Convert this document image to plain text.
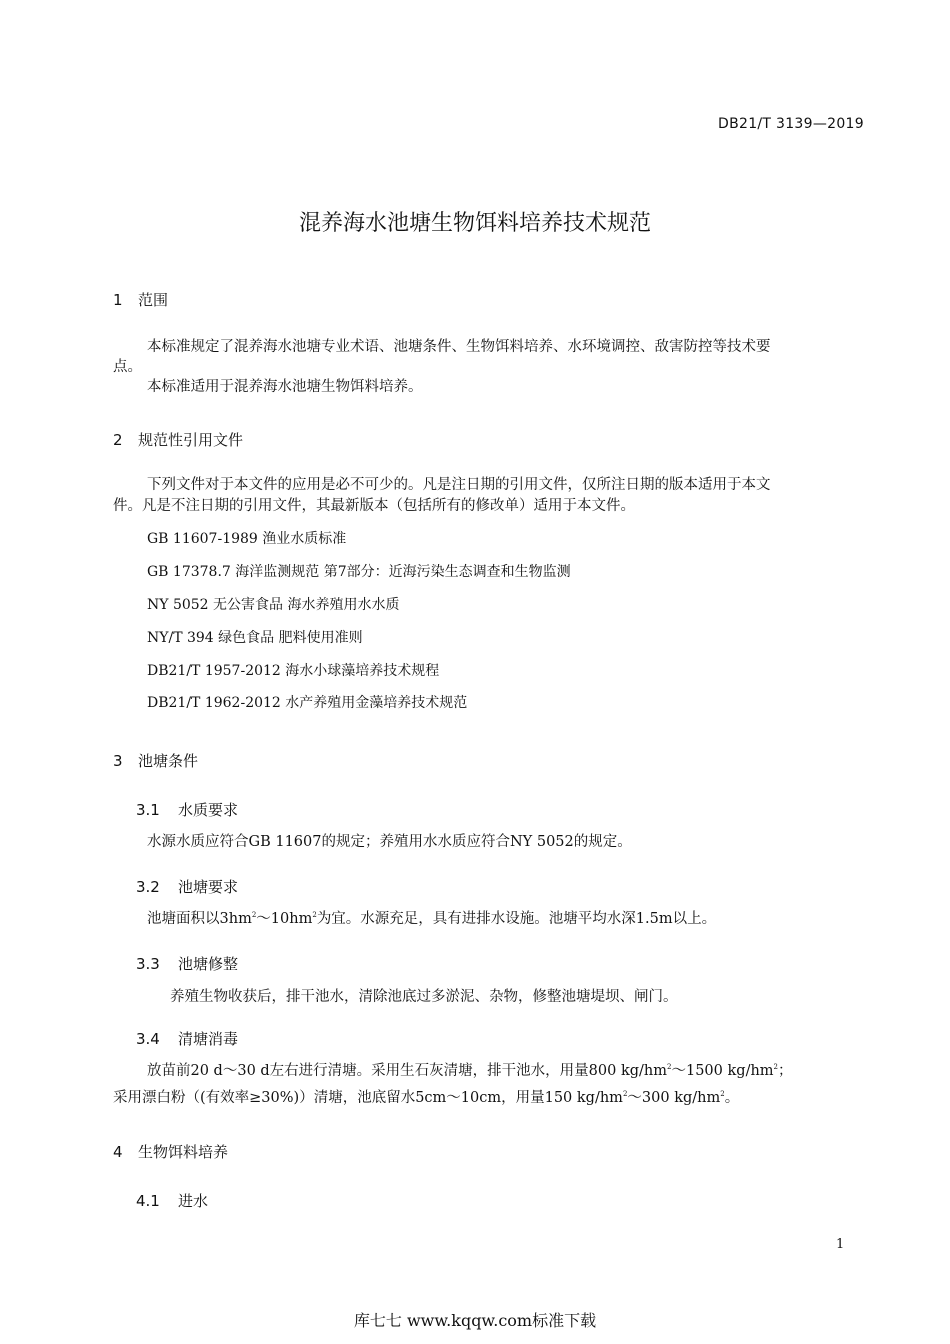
DB21/T 3139—2019
混养海水池塘生物饵料培养技术规范
1 范围
本标准规定了混养海水池塘专业术语、池塘条件、生物饵料培养、水环境调控、敌害防控等技术要
点。
本标准适用于混养海水池塘生物饵料培养。
2 规范性引用文件
下列文件对于本文件的应用是必不可少的。凡是注日期的引用文件，仅所注日期的版本适用于本文
件。凡是不注日期的引用文件，其最新版本（包括所有的修改单）适用于本文件。
GB 11607-1989 渔业水质标准
GB 17378.7 海洋监测规范 第7部分：近海污染生态调查和生物监测
NY 5052 无公害食品 海水养殖用水水质
NY/T 394 绿色食品 肥料使用准则
DB21/T 1957-2012 海水小球藻培养技术规程
DB21/T 1962-2012 水产养殖用金藻培养技术规范
3 池塘条件
3.1 水质要求
水源水质应符合GB 11607的规定；养殖用水水质应符合NY 5052的规定。
3.2 池塘要求
池塘面积以$3hm^2\sim 10hm^2$为宜。水源充足，具有进排水设施。池塘平均水深1.5m以上。
3.3 池塘修整
养殖生物收获后，排干池水，清除池底过多淤泥、杂物，修整池塘堤坝、闸门。
3.4 清塘消毒
放苗前20 d～30 d左右进行清塘。采用生石灰清塘，排干池水，用量800 $kg/hm^2\sim 1500$ $kg/hm^2$；
采用漂白粉（(有效率≥30%)）清塘，池底留水5cm～10cm，用量150 $kg/hm^2\sim 300$ $kg/hm^2$。
4 生物饵料培养
4.1 进水
1
库七七 www.kqqw.com标准下载
